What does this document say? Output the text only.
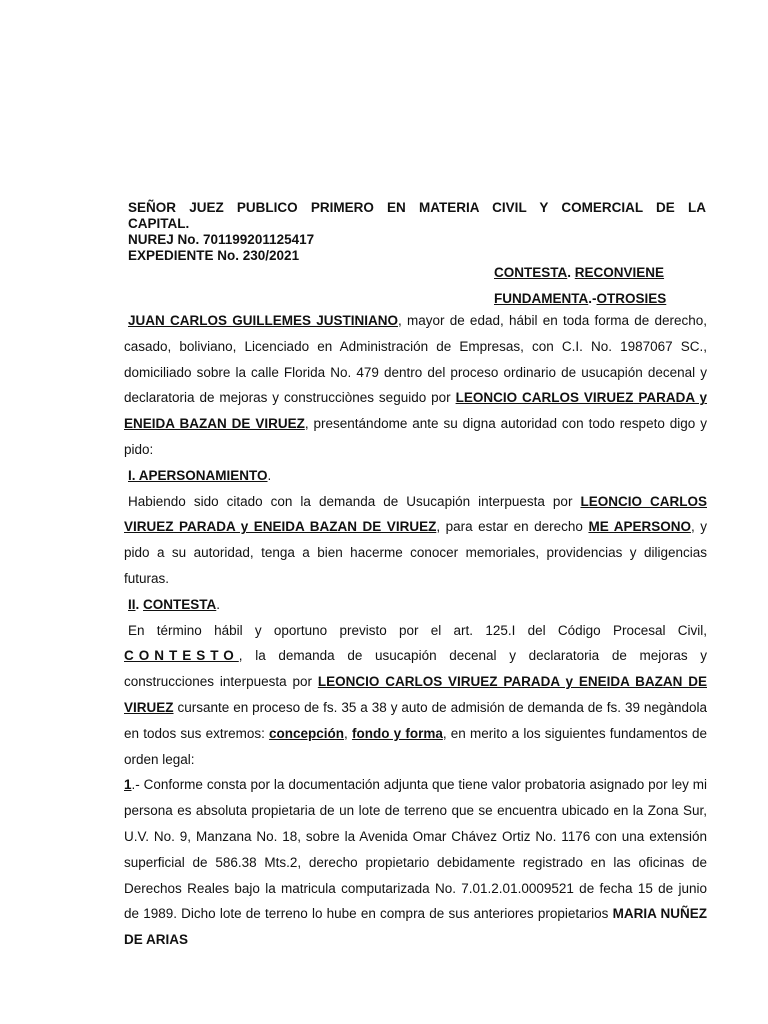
SEÑOR JUEZ PUBLICO PRIMERO EN MATERIA CIVIL Y COMERCIAL DE LA
CAPITAL.
NUREJ No. 701199201125417
EXPEDIENTE No. 230/2021
CONTESTA. RECONVIENE
FUNDAMENTA.-OTROSIES

JUAN CARLOS GUILLEMES JUSTINIANO, mayor de edad, hábil en toda forma de derecho, casado, boliviano, Licenciado en Administración de Empresas, con C.I. No. 1987067 SC., domiciliado sobre la calle Florida No. 479 dentro del proceso ordinario de usucapión decenal y declaratoria de mejoras y construcciònes seguido por LEONCIO CARLOS VIRUEZ PARADA y ENEIDA BAZAN DE VIRUEZ, presentándome ante su digna autoridad con todo respeto digo y pido:

I. APERSONAMIENTO.

Habiendo sido citado con la demanda de Usucapión interpuesta por LEONCIO CARLOS VIRUEZ PARADA y ENEIDA BAZAN DE VIRUEZ, para estar en derecho ME APERSONO, y pido a su autoridad, tenga a bien hacerme conocer memoriales, providencias y diligencias futuras.

II. CONTESTA.

En término hábil y oportuno previsto por el art. 125.I del Código Procesal Civil, CONTESTO, la demanda de usucapión decenal y declaratoria de mejoras y construcciones interpuesta por LEONCIO CARLOS VIRUEZ PARADA y ENEIDA BAZAN DE VIRUEZ cursante en proceso de fs. 35 a 38 y auto de admisión de demanda de fs. 39 negàndola en todos sus extremos: concepción, fondo y forma, en merito a los siguientes fundamentos de orden legal:

1.- Conforme consta por la documentación adjunta que tiene valor probatoria asignado por ley mi persona es absoluta propietaria de un lote de terreno que se encuentra ubicado en la Zona Sur, U.V. No. 9, Manzana No. 18, sobre la Avenida Omar Chávez Ortiz No. 1176 con una extensión superficial de 586.38 Mts.2, derecho propietario debidamente registrado en las oficinas de Derechos Reales bajo la matricula computarizada No. 7.01.2.01.0009521 de fecha 15 de junio de 1989. Dicho lote de terreno lo hube en compra de sus anteriores propietarios MARIA NUÑEZ DE ARIAS
